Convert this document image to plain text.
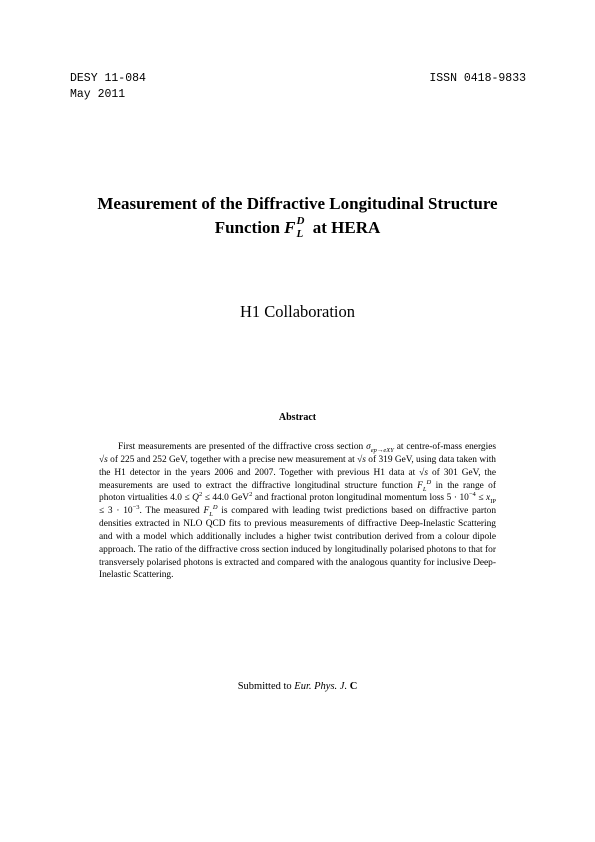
DESY 11-084
May 2011
ISSN 0418-9833
Measurement of the Diffractive Longitudinal Structure
Function F D
L at HERA
H1 Collaboration
Abstract

First measurements are presented of the diffractive cross section $\sigma_{ep\to eXY}$ at centre-of-mass energies √s of 225 and 252 GeV, together with a precise new measurement at √s of 319 GeV, using data taken with the H1 detector in the years 2006 and 2007. Together with previous H1 data at √s of 301 GeV, the measurements are used to extract the diffractive longitudinal structure function $F_L^D$ in the range of photon virtualities $4.0 \le Q^2 \le 44.0$ GeV$^2$ and fractional proton longitudinal momentum loss $5 \cdot 10^{-4} \le x_{IP} \le 3 \cdot 10^{-3}$. The measured $F_L^D$ is compared with leading twist predictions based on diffractive parton densities extracted in NLO QCD fits to previous measurements of diffractive Deep-Inelastic Scattering and with a model which additionally includes a higher twist contribution derived from a colour dipole approach. The ratio of the diffractive cross section induced by longitudinally polarised photons to that for transversely polarised photons is extracted and compared with the analogous quantity for inclusive Deep-Inelastic Scattering.

Submitted to Eur. Phys. J. C
